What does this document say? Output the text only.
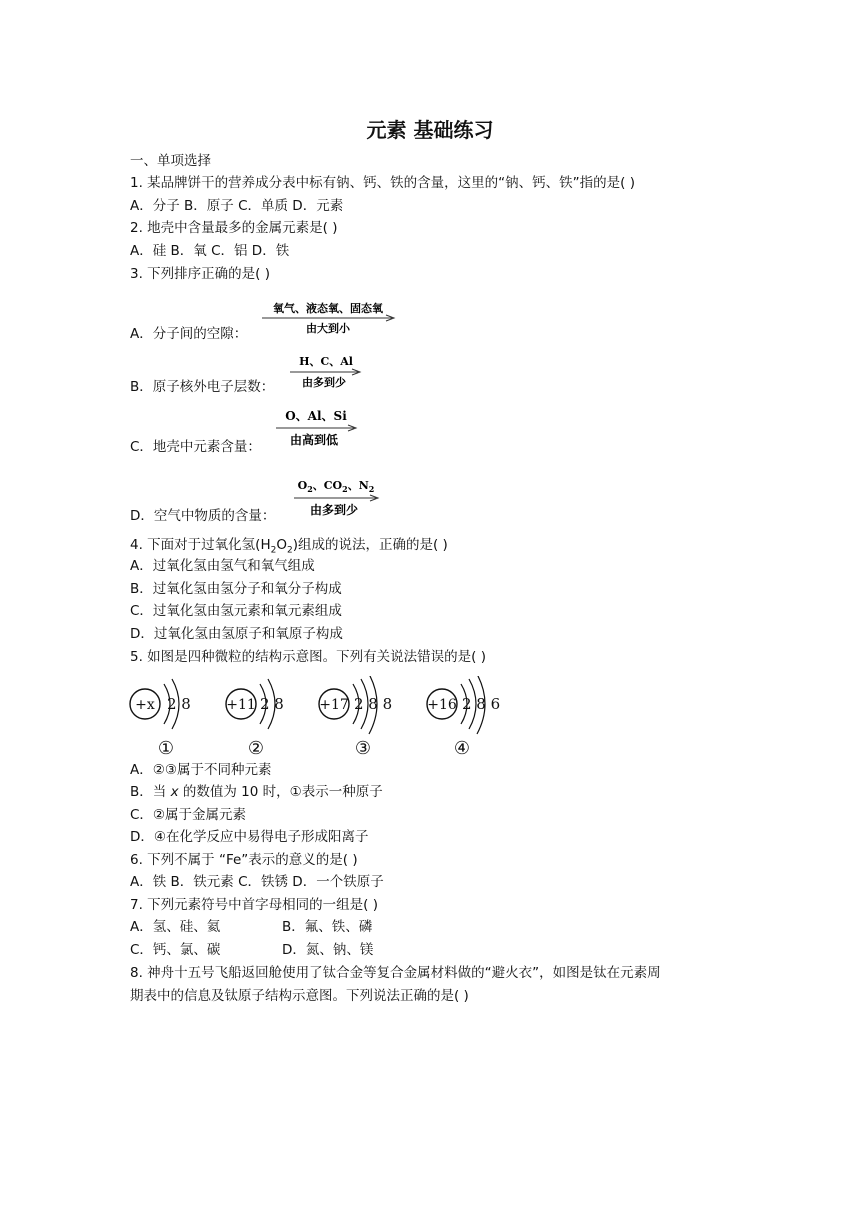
元素 基础练习
一、单项选择
1. 某品牌饼干的营养成分表中标有钠、钙、铁的含量，这里的“钠、钙、铁”指的是( )
A．分子 B．原子 C．单质 D．元素
2. 地壳中含量最多的金属元素是( )
A．硅 B．氧 C．铝 D．铁
3. 下列排序正确的是( )
A．分子间的空隙：
氧气、液态氧、固态氧
由大到小
B．原子核外电子层数：
H、C、Al
由多到少
C．地壳中元素含量：
O、Al、Si
由高到低
D．空气中物质的含量：
$O_2$、$CO_2$、$N_2$
由多到少
4. 下面对于过氧化氢$(H_2O_2)$组成的说法，正确的是( )
A．过氧化氢由氢气和氧气组成
B．过氧化氢由氢分子和氧分子构成
C．过氧化氢由氢元素和氧元素组成
D．过氧化氢由氢原子和氧原子构成
5. 如图是四种微粒的结构示意图。下列有关说法错误的是( )
+x 2 8
①
+11 2 8
②
+17 2 8 8
③
+16 2 8 6
④
A．②③属于不同种元素
B．当 x 的数值为 10 时，①表示一种原子
C．②属于金属元素
D．④在化学反应中易得电子形成阳离子
6. 下列不属于 “Fe”表示的意义的是( )
A．铁 B．铁元素 C．铁锈 D．一个铁原子
7. 下列元素符号中首字母相同的一组是( )
A．氢、硅、氦	B．氟、铁、磷
C．钙、氯、碳	D．氮、钠、镁
8. 神舟十五号飞船返回舱使用了钛合金等复合金属材料做的“避火衣”，如图是钛在元素周
期表中的信息及钛原子结构示意图。下列说法正确的是( )
